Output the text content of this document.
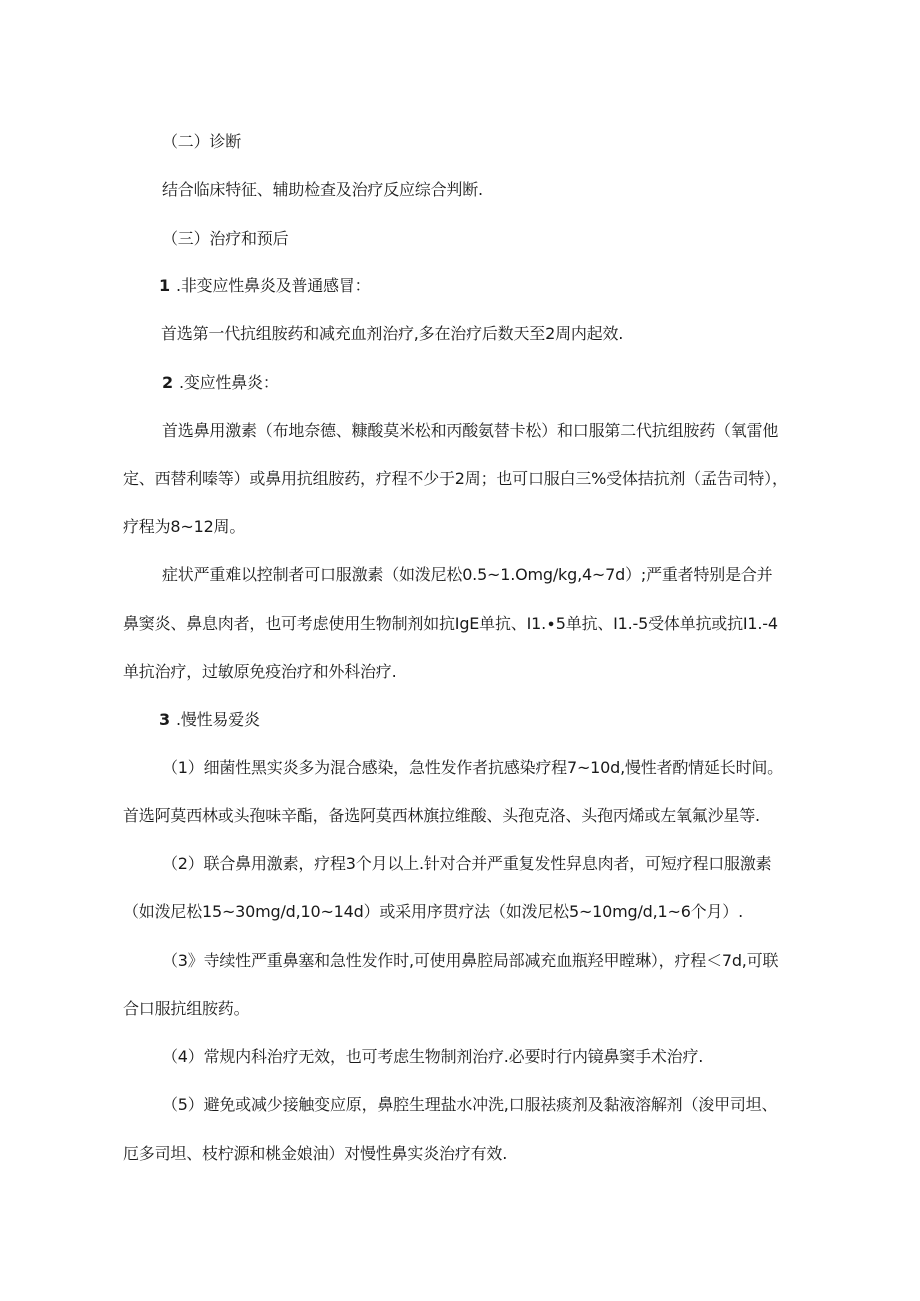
（二）诊断
结合临床特征、辅助检查及治疗反应综合判断.
（三）治疗和预后
1 .非变应性鼻炎及普通感冒：
首选第一代抗组胺药和减充血剂治疗,多在治疗后数天至2周内起效.
2 .变应性鼻炎：
首选鼻用激素（布地奈德、糠酸莫米松和丙酸氨替卡松）和口服第二代抗组胺药（氧雷他
定、西替利嗪等）或鼻用抗组胺药，疗程不少于2周；也可口服白三%受体拮抗剂（孟告司特），
疗程为8~12周。
症状严重难以控制者可口服激素（如泼尼松0.5~1.Omg/kg,4~7d）;严重者特别是合并
鼻窦炎、鼻息肉者，也可考虑使用生物制剂如抗IgE单抗、I1.∙5单抗、I1.-5受体单抗或抗I1.-4
单抗治疗，过敏原免疫治疗和外科治疗.
3 .慢性易爱炎
（1）细菌性黑实炎多为混合感染，急性发作者抗感染疗程7~10d,慢性者酌情延长时间。
首选阿莫西林或头孢味辛酯，备选阿莫西林旗拉维酸、头孢克洛、头孢丙烯或左氧氟沙星等.
（2）联合鼻用激素，疗程3个月以上.针对合并严重复发性舁息肉者，可短疗程口服激素
（如泼尼松15~30mg∕d,10~14d）或采用序贯疗法（如泼尼松5~10mg∕d,1~6个月）.
（3》寺续性严重鼻塞和急性发作时,可使用鼻腔局部减充血瓶羟甲瞠琳），疗程＜7d,可联
合口服抗组胺药。
（4）常规内科治疗无效，也可考虑生物制剂治疗.必要时行内镜鼻窦手术治疗.
（5）避免或减少接触变应原，鼻腔生理盐水冲洗,口服祛痰剂及黏液溶解剂（浚甲司坦、
厄多司坦、枝柠源和桃金娘油）对慢性鼻实炎治疗有效.
